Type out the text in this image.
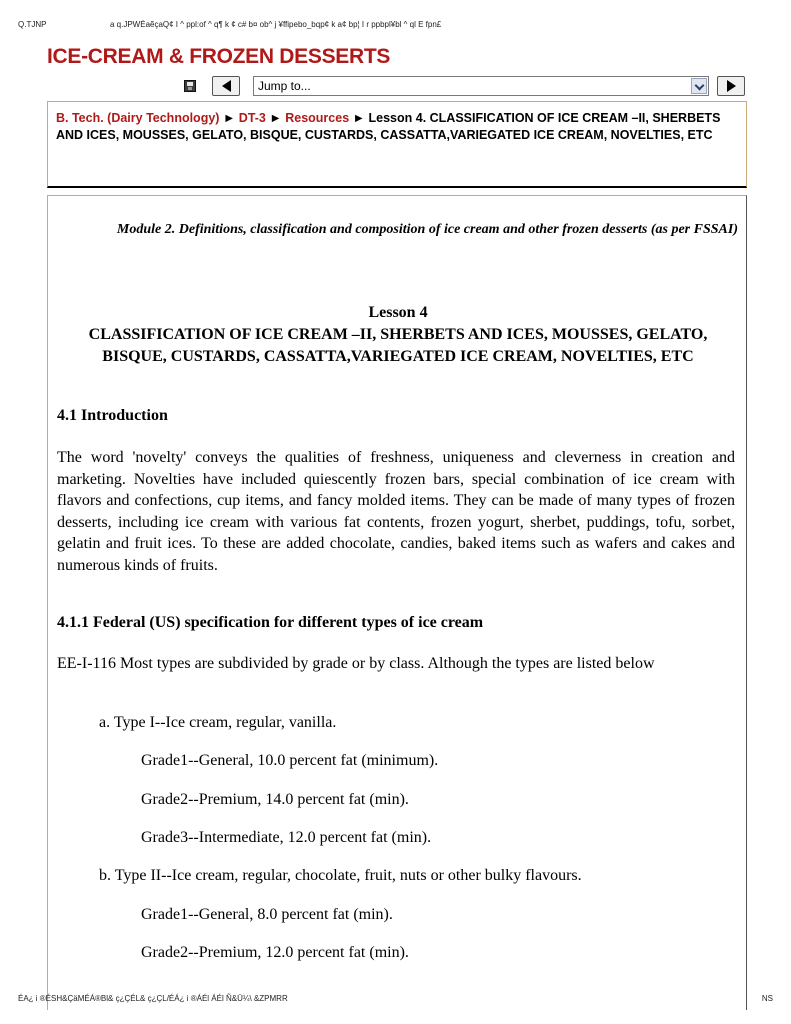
Q.TJNP	a q.JPWÉaẽçaQ¢ I ^ ppl:of ^ q¶ k ¢ c# b¤ ob^ j ¥ffipebo_bqp¢ k a¢ bp¦ I r ppbpl¥bl ^ ql E fpn£
ICE-CREAM & FROZEN DESSERTS
Jump to...
B. Tech. (Dairy Technology) ► DT-3 ► Resources ► Lesson 4. CLASSIFICATION OF ICE CREAM –II, SHERBETS AND ICES, MOUSSES, GELATO, BISQUE, CUSTARDS, CASSATTA,VARIEGATED ICE CREAM, NOVELTIES, ETC

Module 2. Definitions, classification and composition of ice cream and other frozen desserts (as per FSSAI)

Lesson 4
CLASSIFICATION OF ICE CREAM –II, SHERBETS AND ICES, MOUSSES, GELATO, BISQUE, CUSTARDS, CASSATTA,VARIEGATED ICE CREAM, NOVELTIES, ETC
4.1 Introduction

The word 'novelty' conveys the qualities of freshness, uniqueness and cleverness in creation and marketing. Novelties have included quiescently frozen bars, special combination of ice cream with flavors and confections, cup items, and fancy molded items. They can be made of many types of frozen desserts, including ice cream with various fat contents, frozen yogurt, sherbet, puddings, tofu, sorbet, gelatin and fruit ices. To these are added chocolate, candies, baked items such as wafers and cakes and numerous kinds of fruits.

4.1.1 Federal (US) specification for different types of ice cream

EE-I-116 Most types are subdivided by grade or by class. Although the types are listed below

a. Type I--Ice cream, regular, vanilla.

Grade1--General, 10.0 percent fat (minimum).

Grade2--Premium, 14.0 percent fat (min).

Grade3--Intermediate, 12.0 percent fat (min).

b. Type II--Ice cream, regular, chocolate, fruit, nuts or other bulky flavours.

Grade1--General, 8.0 percent fat (min).

Grade2--Premium, 12.0 percent fat (min).

ÉA¿ i ®ÉSH&ÇäMÉÁ®Bl& ç¿ÇÉL& ç¿ÇL/ÉÁ¿ i ®ÁÉl ÁÉl Ñ&Ü¼\ &ZPMRR	NS
